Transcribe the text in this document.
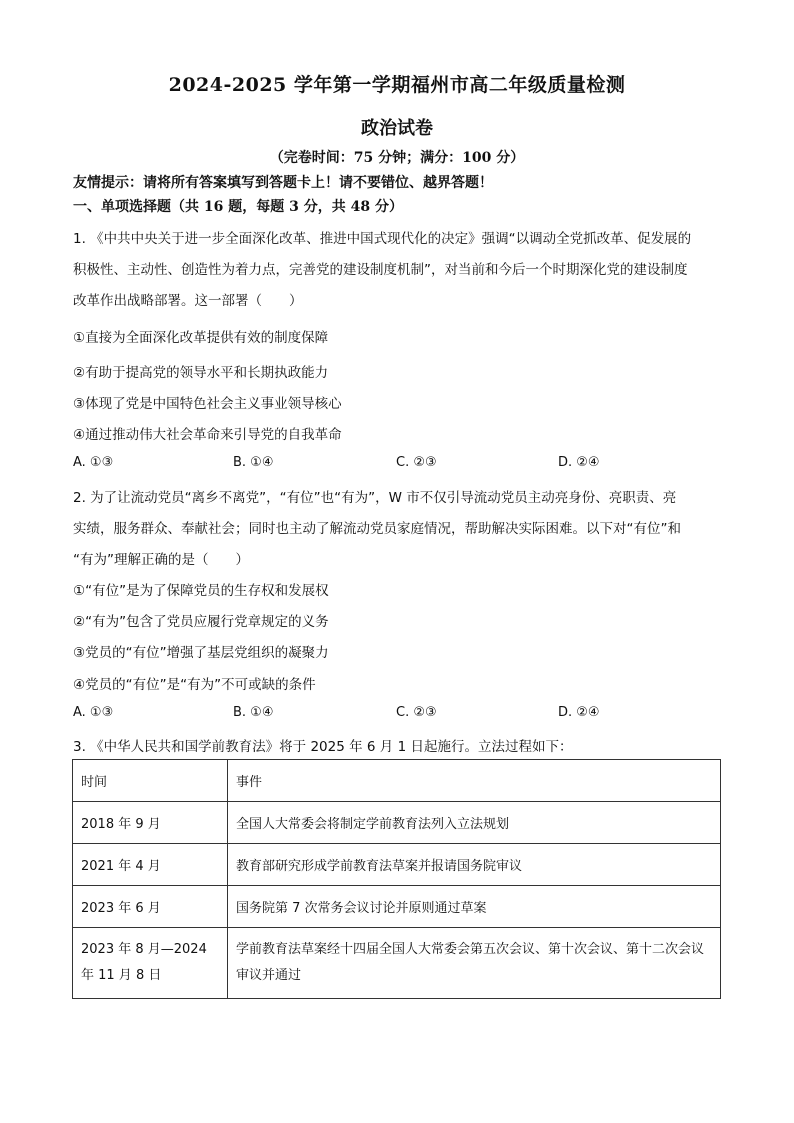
2024-2025 学年第一学期福州市高二年级质量检测
政治试卷
（完卷时间：75 分钟；满分：100 分）
友情提示：请将所有答案填写到答题卡上！请不要错位、越界答题！
一、单项选择题（共 16 题，每题 3 分，共 48 分）
1. 《中共中央关于进一步全面深化改革、推进中国式现代化的决定》强调“以调动全党抓改革、促发展的
积极性、主动性、创造性为着力点，完善党的建设制度机制”，对当前和今后一个时期深化党的建设制度
改革作出战略部署。这一部署（　　）
①直接为全面深化改革提供有效的制度保障
②有助于提高党的领导水平和长期执政能力
③体现了党是中国特色社会主义事业领导核心
④通过推动伟大社会革命来引导党的自我革命
A. ①③	B. ①④	C. ②③	D. ②④
2. 为了让流动党员“离乡不离党”，“有位”也“有为”，W 市不仅引导流动党员主动亮身份、亮职责、亮
实绩，服务群众、奉献社会；同时也主动了解流动党员家庭情况，帮助解决实际困难。以下对“有位”和
“有为”理解正确的是（　　）
①“有位”是为了保障党员的生存权和发展权
②“有为”包含了党员应履行党章规定的义务
③党员的“有位”增强了基层党组织的凝聚力
④党员的“有位”是“有为”不可或缺的条件
A. ①③	B. ①④	C. ②③	D. ②④
3. 《中华人民共和国学前教育法》将于 2025 年 6 月 1 日起施行。立法过程如下：
时间	事件
2018 年 9 月	全国人大常委会将制定学前教育法列入立法规划
2021 年 4 月	教育部研究形成学前教育法草案并报请国务院审议
2023 年 6 月	国务院第 7 次常务会议讨论并原则通过草案
2023 年 8 月—2024 年 11 月 8 日	学前教育法草案经十四届全国人大常委会第五次会议、第十次会议、第十二次会议审议并通过
